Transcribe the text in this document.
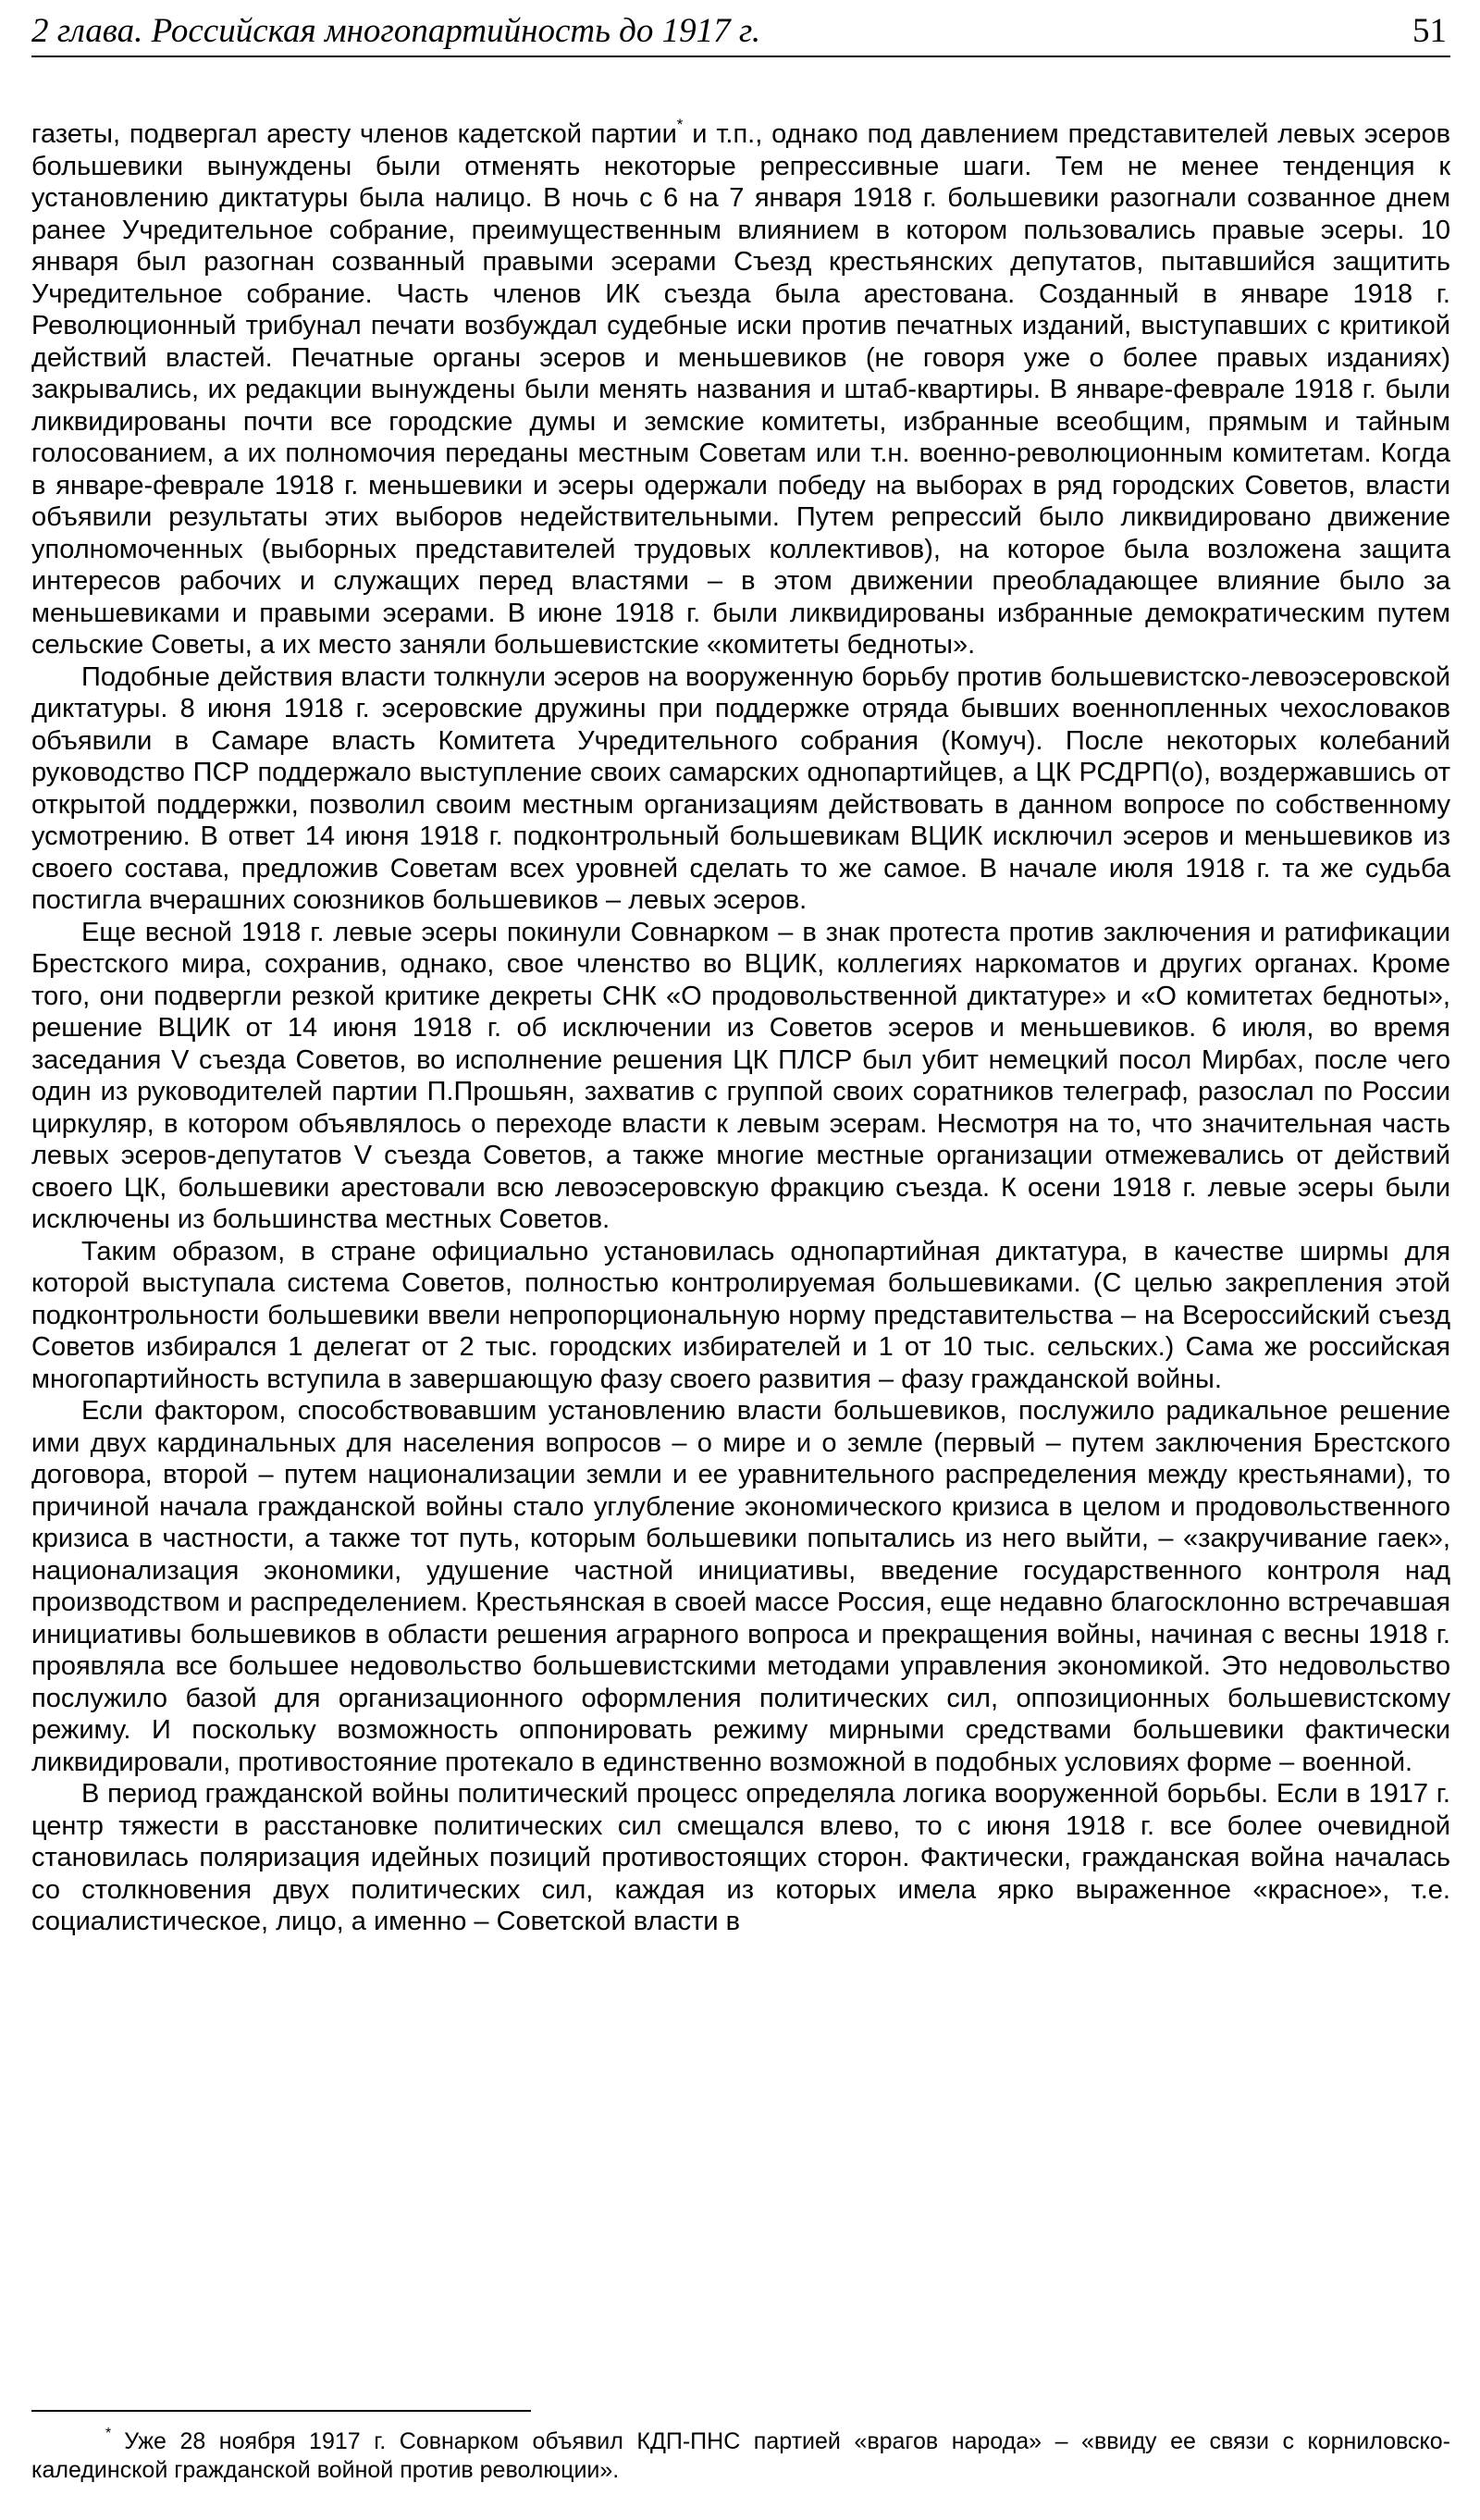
2 глава. Российская многопартийность до 1917 г.	51

газеты, подвергал аресту членов кадетской партии* и т.п., однако под давлением представителей левых эсеров большевики вынуждены были отменять некоторые репрессивные шаги. Тем не менее тенденция к установлению диктатуры была налицо. В ночь с 6 на 7 января 1918 г. большевики разогнали созванное днем ранее Учредительное собрание, преимущественным влиянием в котором пользовались правые эсеры. 10 января был разогнан созванный правыми эсерами Съезд крестьянских депутатов, пытавшийся защитить Учредительное собрание. Часть членов ИК съезда была арестована. Созданный в январе 1918 г. Революционный трибунал печати возбуждал судебные иски против печатных изданий, выступавших с критикой действий властей. Печатные органы эсеров и меньшевиков (не говоря уже о более правых изданиях) закрывались, их редакции вынуждены были менять названия и штаб-квартиры. В январе-феврале 1918 г. были ликвидированы почти все городские думы и земские комитеты, избранные всеобщим, прямым и тайным голосованием, а их полномочия переданы местным Советам или т.н. военно-революционным комитетам. Когда в январе-феврале 1918 г. меньшевики и эсеры одержали победу на выборах в ряд городских Советов, власти объявили результаты этих выборов недействительными. Путем репрессий было ликвидировано движение уполномоченных (выборных представителей трудовых коллективов), на которое была возложена защита интересов рабочих и служащих перед властями – в этом движении преобладающее влияние было за меньшевиками и правыми эсерами. В июне 1918 г. были ликвидированы избранные демократическим путем сельские Советы, а их место заняли большевистские «комитеты бедноты».

Подобные действия власти толкнули эсеров на вооруженную борьбу против большевистско-левоэсеровской диктатуры. 8 июня 1918 г. эсеровские дружины при поддержке отряда бывших военнопленных чехословаков объявили в Самаре власть Комитета Учредительного собрания (Комуч). После некоторых колебаний руководство ПСР поддержало выступление своих самарских однопартийцев, а ЦК РСДРП(о), воздержавшись от открытой поддержки, позволил своим местным организациям действовать в данном вопросе по собственному усмотрению. В ответ 14 июня 1918 г. подконтрольный большевикам ВЦИК исключил эсеров и меньшевиков из своего состава, предложив Советам всех уровней сделать то же самое. В начале июля 1918 г. та же судьба постигла вчерашних союзников большевиков – левых эсеров.

Еще весной 1918 г. левые эсеры покинули Совнарком – в знак протеста против заключения и ратификации Брестского мира, сохранив, однако, свое членство во ВЦИК, коллегиях наркоматов и других органах. Кроме того, они подвергли резкой критике декреты СНК «О продовольственной диктатуре» и «О комитетах бедноты», решение ВЦИК от 14 июня 1918 г. об исключении из Советов эсеров и меньшевиков. 6 июля, во время заседания V съезда Советов, во исполнение решения ЦК ПЛСР был убит немецкий посол Мирбах, после чего один из руководителей партии П.Прошьян, захватив с группой своих соратников телеграф, разослал по России циркуляр, в котором объявлялось о переходе власти к левым эсерам. Несмотря на то, что значительная часть левых эсеров-депутатов V съезда Советов, а также многие местные организации отмежевались от действий своего ЦК, большевики арестовали всю левоэсеровскую фракцию съезда. К осени 1918 г. левые эсеры были исключены из большинства местных Советов.

Таким образом, в стране официально установилась однопартийная диктатура, в качестве ширмы для которой выступала система Советов, полностью контролируемая большевиками. (С целью закрепления этой подконтрольности большевики ввели непропорциональную норму представительства – на Всероссийский съезд Советов избирался 1 делегат от 2 тыс. городских избирателей и 1 от 10 тыс. сельских.) Сама же российская многопартийность вступила в завершающую фазу своего развития – фазу гражданской войны.

Если фактором, способствовавшим установлению власти большевиков, послужило радикальное решение ими двух кардинальных для населения вопросов – о мире и о земле (первый – путем заключения Брестского договора, второй – путем национализации земли и ее уравнительного распределения между крестьянами), то причиной начала гражданской войны стало углубление экономического кризиса в целом и продовольственного кризиса в частности, а также тот путь, которым большевики попытались из него выйти, – «закручивание гаек», национализация экономики, удушение частной инициативы, введение государственного контроля над производством и распределением. Крестьянская в своей массе Россия, еще недавно благосклонно встречавшая инициативы большевиков в области решения аграрного вопроса и прекращения войны, начиная с весны 1918 г. проявляла все большее недовольство большевистскими методами управления экономикой. Это недовольство послужило базой для организационного оформления политических сил, оппозиционных большевистскому режиму. И поскольку возможность оппонировать режиму мирными средствами большевики фактически ликвидировали, противостояние протекало в единственно возможной в подобных условиях форме – военной.

В период гражданской войны политический процесс определяла логика вооруженной борьбы. Если в 1917 г. центр тяжести в расстановке политических сил смещался влево, то с июня 1918 г. все более очевидной становилась поляризация идейных позиций противостоящих сторон. Фактически, гражданская война началась со столкновения двух политических сил, каждая из которых имела ярко выраженное «красное», т.е. социалистическое, лицо, а именно – Советской власти в

* Уже 28 ноября 1917 г. Совнарком объявил КДП-ПНС партией «врагов народа» – «ввиду ее связи с корниловско-калединской гражданской войной против революции».
